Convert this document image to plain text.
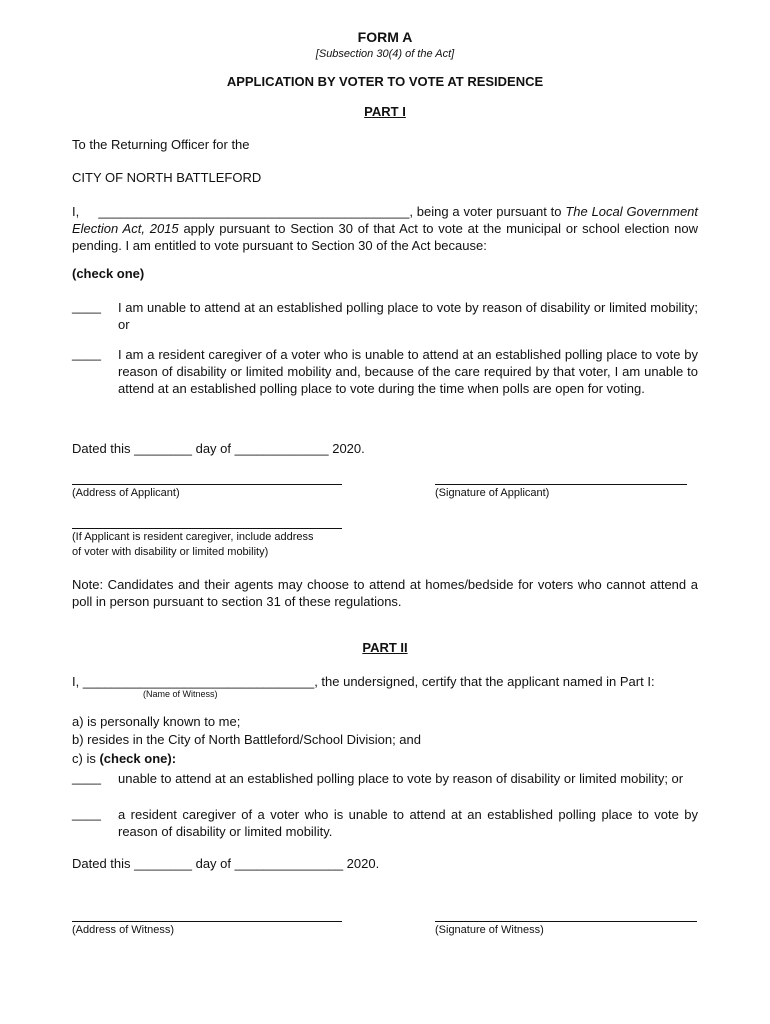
FORM A
[Subsection 30(4) of the Act]
APPLICATION BY VOTER TO VOTE AT RESIDENCE
PART I
To the Returning Officer for the
CITY OF NORTH BATTLEFORD
I, ___________________________________________, being a voter pursuant to The Local Government Election Act, 2015 apply pursuant to Section 30 of that Act to vote at the municipal or school election now pending. I am entitled to vote pursuant to Section 30 of the Act because:
(check one)
____ I am unable to attend at an established polling place to vote by reason of disability or limited mobility; or
____ I am a resident caregiver of a voter who is unable to attend at an established polling place to vote by reason of disability or limited mobility and, because of the care required by that voter, I am unable to attend at an established polling place to vote during the time when polls are open for voting.
Dated this ________ day of _____________ 2020.
(Address of Applicant)	(Signature of Applicant)
(If Applicant is resident caregiver, include address
of voter with disability or limited mobility)
Note: Candidates and their agents may choose to attend at homes/bedside for voters who cannot attend a poll in person pursuant to section 31 of these regulations.
PART II
I, ________________________________, the undersigned, certify that the applicant named in Part I:
(Name of Witness)
a) is personally known to me;
b) resides in the City of North Battleford/School Division; and
c) is (check one):
____ unable to attend at an established polling place to vote by reason of disability or limited mobility; or
____ a resident caregiver of a voter who is unable to attend at an established polling place to vote by reason of disability or limited mobility.
Dated this ________ day of _______________ 2020.
(Address of Witness)	(Signature of Witness)
